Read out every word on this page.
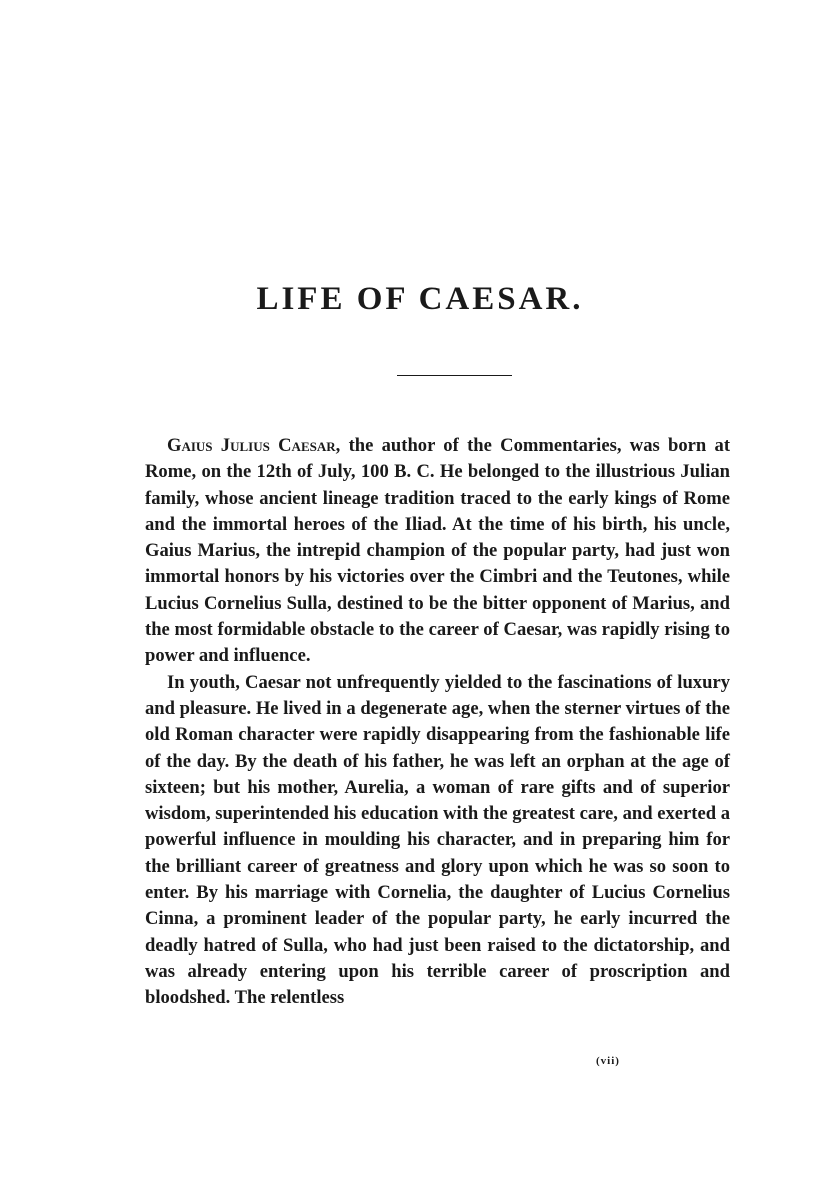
LIFE OF CAESAR.

Gaius Julius Caesar, the author of the Commentaries, was born at Rome, on the 12th of July, 100 B. C. He belonged to the illustrious Julian family, whose ancient lineage tradition traced to the early kings of Rome and the immortal heroes of the Iliad. At the time of his birth, his uncle, Gaius Marius, the intrepid champion of the popular party, had just won immortal honors by his victories over the Cimbri and the Teutones, while Lucius Cornelius Sulla, destined to be the bitter opponent of Marius, and the most formidable obstacle to the career of Caesar, was rapidly rising to power and influence.

In youth, Caesar not unfrequently yielded to the fascinations of luxury and pleasure. He lived in a degenerate age, when the sterner virtues of the old Roman character were rapidly disappearing from the fashionable life of the day. By the death of his father, he was left an orphan at the age of sixteen; but his mother, Aurelia, a woman of rare gifts and of superior wisdom, superintended his education with the greatest care, and exerted a powerful influence in moulding his character, and in preparing him for the brilliant career of greatness and glory upon which he was so soon to enter. By his marriage with Cornelia, the daughter of Lucius Cornelius Cinna, a prominent leader of the popular party, he early incurred the deadly hatred of Sulla, who had just been raised to the dictatorship, and was already entering upon his terrible career of proscription and bloodshed. The relentless

(vii)
